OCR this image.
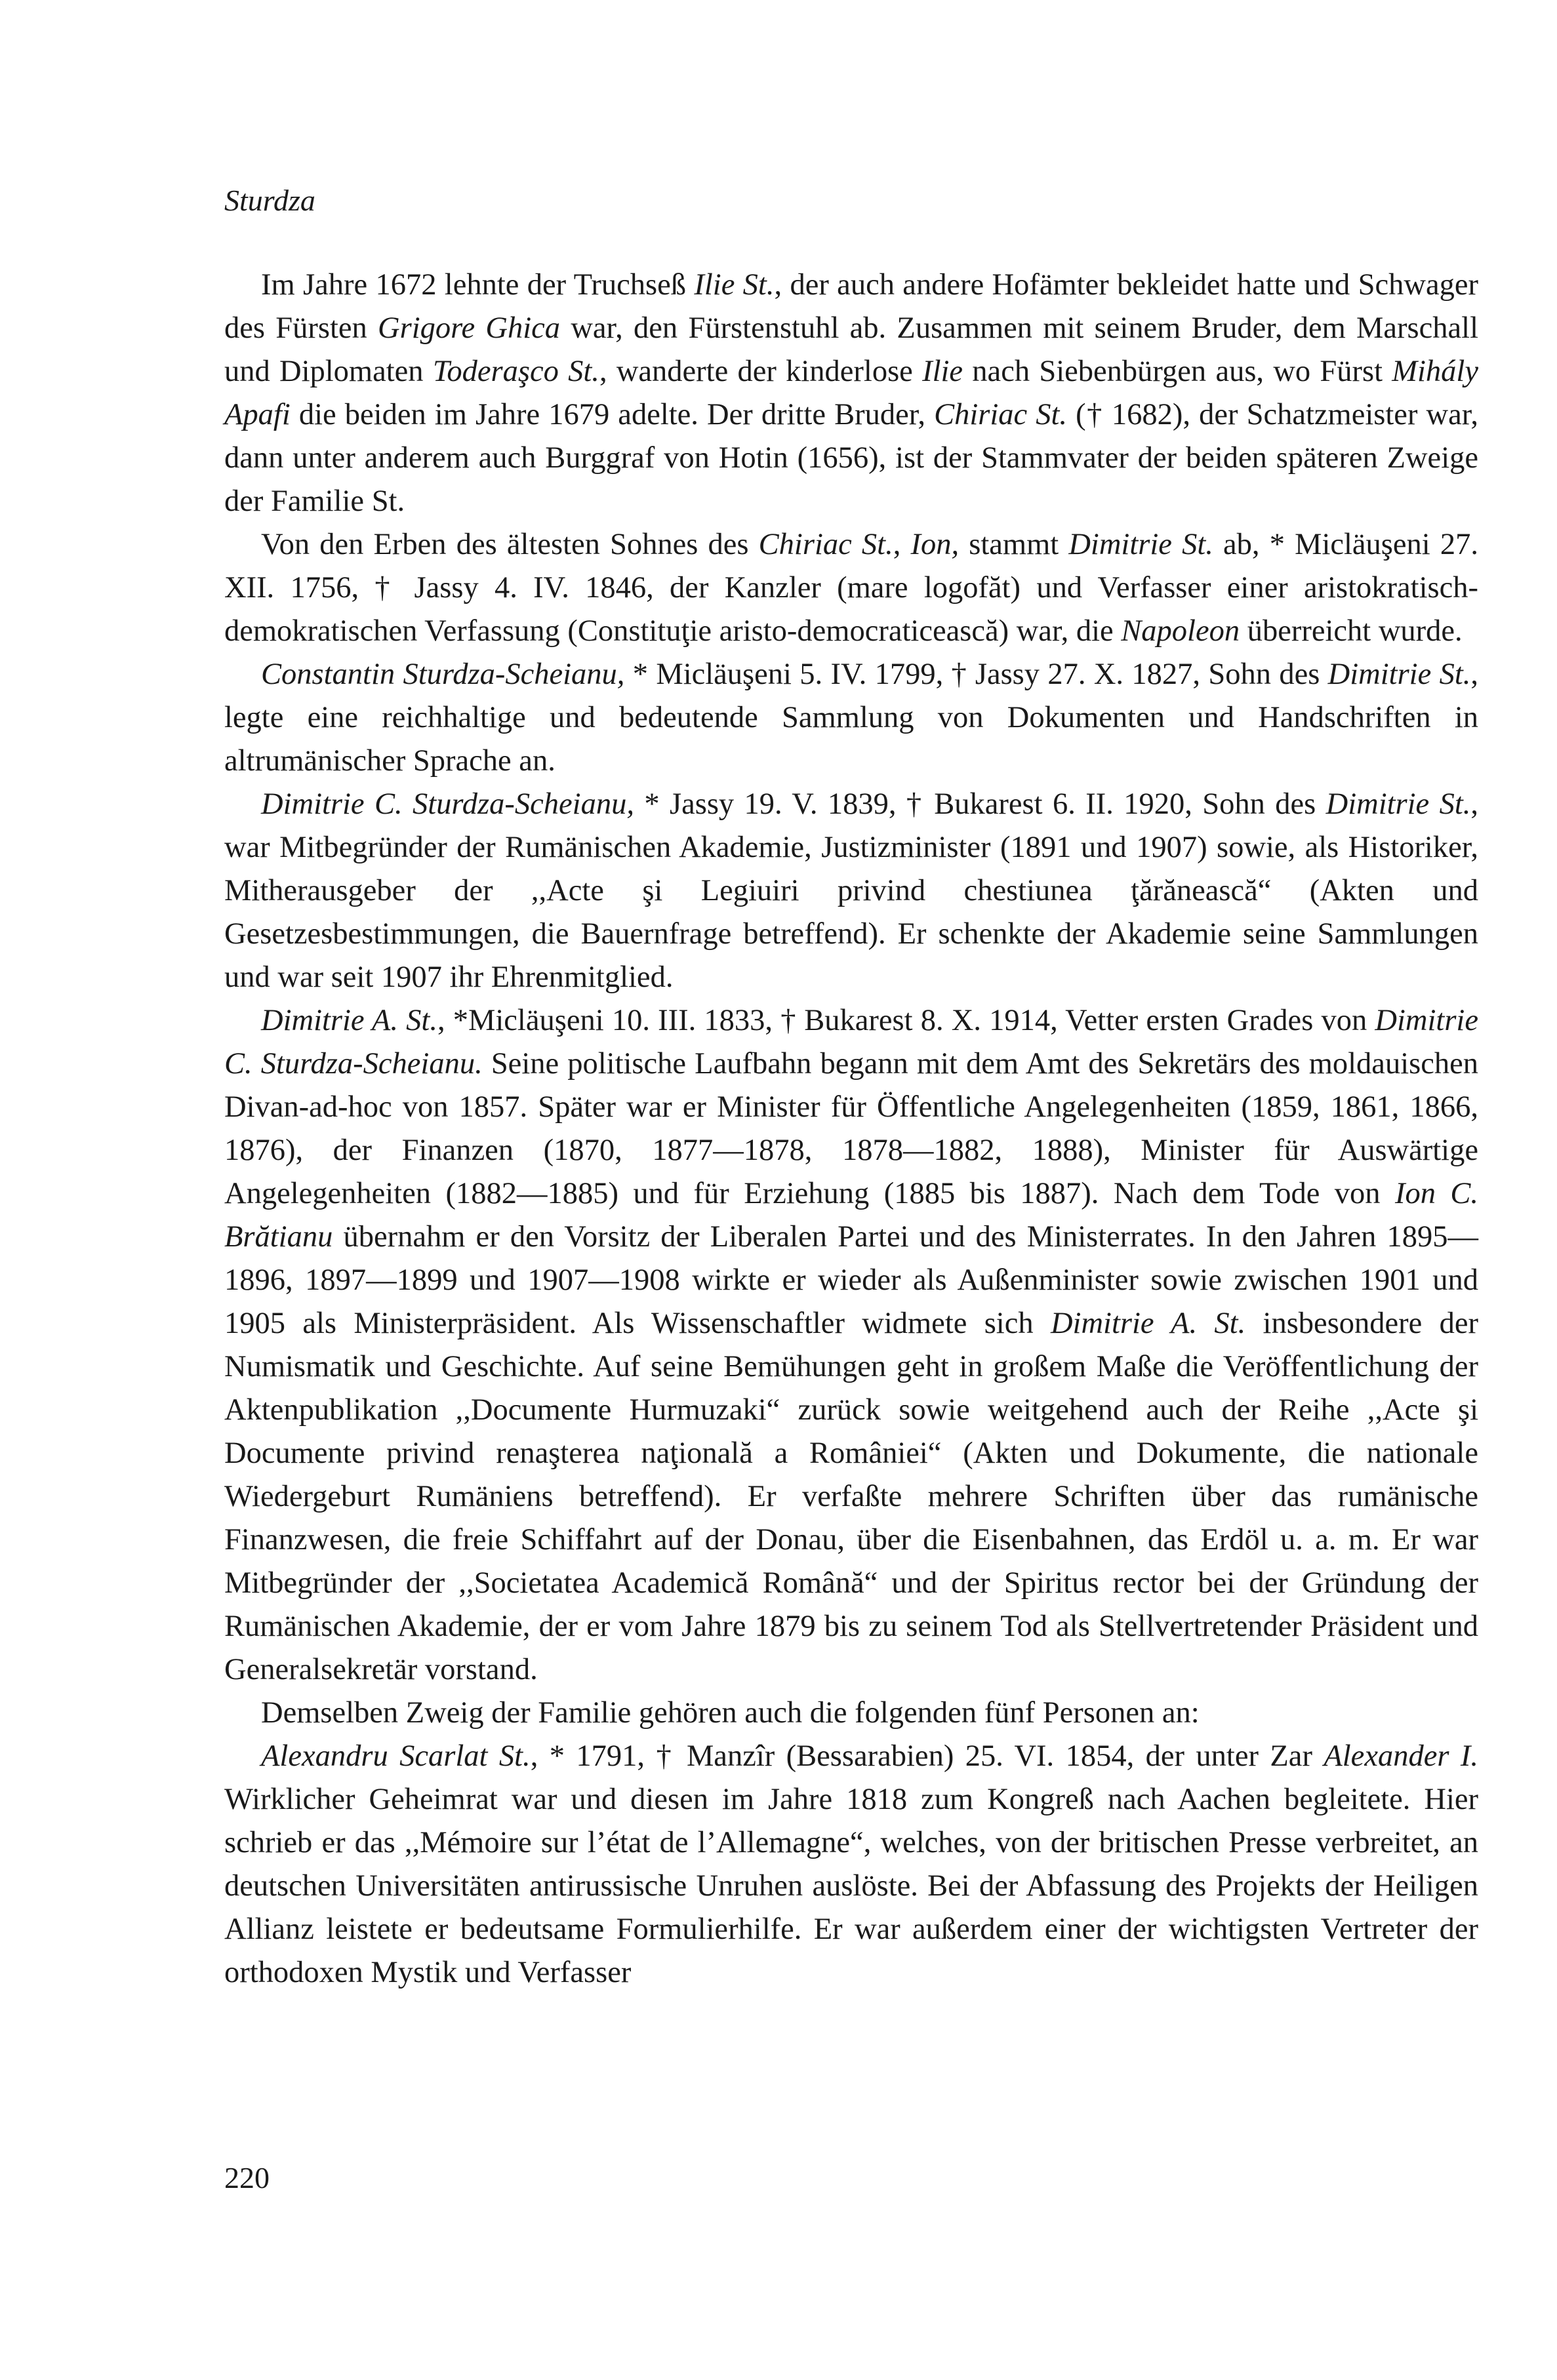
Sturdza

Im Jahre 1672 lehnte der Truchseß Ilie St., der auch andere Hofämter bekleidet hatte und Schwager des Fürsten Grigore Ghica war, den Fürstenstuhl ab. Zusammen mit seinem Bruder, dem Marschall und Diplomaten Toderaşco St., wanderte der kinderlose Ilie nach Siebenbürgen aus, wo Fürst Mihály Apafi die beiden im Jahre 1679 adelte. Der dritte Bruder, Chiriac St. († 1682), der Schatzmeister war, dann unter anderem auch Burggraf von Hotin (1656), ist der Stammvater der beiden späteren Zweige der Familie St.

Von den Erben des ältesten Sohnes des Chiriac St., Ion, stammt Dimitrie St. ab, * Micläuşeni 27. XII. 1756, † Jassy 4. IV. 1846, der Kanzler (mare logofăt) und Verfasser einer aristokratisch-demokratischen Verfassung (Constituţie aristo-democraticească) war, die Napoleon überreicht wurde.

Constantin Sturdza-Scheianu, * Micläuşeni 5. IV. 1799, † Jassy 27. X. 1827, Sohn des Dimitrie St., legte eine reichhaltige und bedeutende Sammlung von Dokumenten und Handschriften in altrumänischer Sprache an.

Dimitrie C. Sturdza-Scheianu, * Jassy 19. V. 1839, † Bukarest 6. II. 1920, Sohn des Dimitrie St., war Mitbegründer der Rumänischen Akademie, Justizminister (1891 und 1907) sowie, als Historiker, Mitherausgeber der ,,Acte şi Legiuiri privind chestiunea ţărănească“ (Akten und Gesetzesbestimmungen, die Bauernfrage betreffend). Er schenkte der Akademie seine Sammlungen und war seit 1907 ihr Ehrenmitglied.

Dimitrie A. St., *Micläuşeni 10. III. 1833, † Bukarest 8. X. 1914, Vetter ersten Grades von Dimitrie C. Sturdza-Scheianu. Seine politische Laufbahn begann mit dem Amt des Sekretärs des moldauischen Divan-ad-hoc von 1857. Später war er Minister für Öffentliche Angelegenheiten (1859, 1861, 1866, 1876), der Finanzen (1870, 1877—1878, 1878—1882, 1888), Minister für Auswärtige Angelegenheiten (1882—1885) und für Erziehung (1885 bis 1887). Nach dem Tode von Ion C. Brătianu übernahm er den Vorsitz der Liberalen Partei und des Ministerrates. In den Jahren 1895—1896, 1897—1899 und 1907—1908 wirkte er wieder als Außenminister sowie zwischen 1901 und 1905 als Ministerpräsident. Als Wissenschaftler widmete sich Dimitrie A. St. insbesondere der Numismatik und Geschichte. Auf seine Bemühungen geht in großem Maße die Veröffentlichung der Aktenpublikation ,,Documente Hurmuzaki“ zurück sowie weitgehend auch der Reihe ,,Acte şi Documente privind renaşterea naţională a României“ (Akten und Dokumente, die nationale Wiedergeburt Rumäniens betreffend). Er verfaßte mehrere Schriften über das rumänische Finanzwesen, die freie Schiffahrt auf der Donau, über die Eisenbahnen, das Erdöl u. a. m. Er war Mitbegründer der ,,Societatea Academică Română“ und der Spiritus rector bei der Gründung der Rumänischen Akademie, der er vom Jahre 1879 bis zu seinem Tod als Stellvertretender Präsident und Generalsekretär vorstand.

Demselben Zweig der Familie gehören auch die folgenden fünf Personen an:

Alexandru Scarlat St., * 1791, † Manzîr (Bessarabien) 25. VI. 1854, der unter Zar Alexander I. Wirklicher Geheimrat war und diesen im Jahre 1818 zum Kongreß nach Aachen begleitete. Hier schrieb er das ,,Mémoire sur l’état de l’Allemagne“, welches, von der britischen Presse verbreitet, an deutschen Universitäten antirussische Unruhen auslöste. Bei der Abfassung des Projekts der Heiligen Allianz leistete er bedeutsame Formulierhilfe. Er war außerdem einer der wichtigsten Vertreter der orthodoxen Mystik und Verfasser

220
